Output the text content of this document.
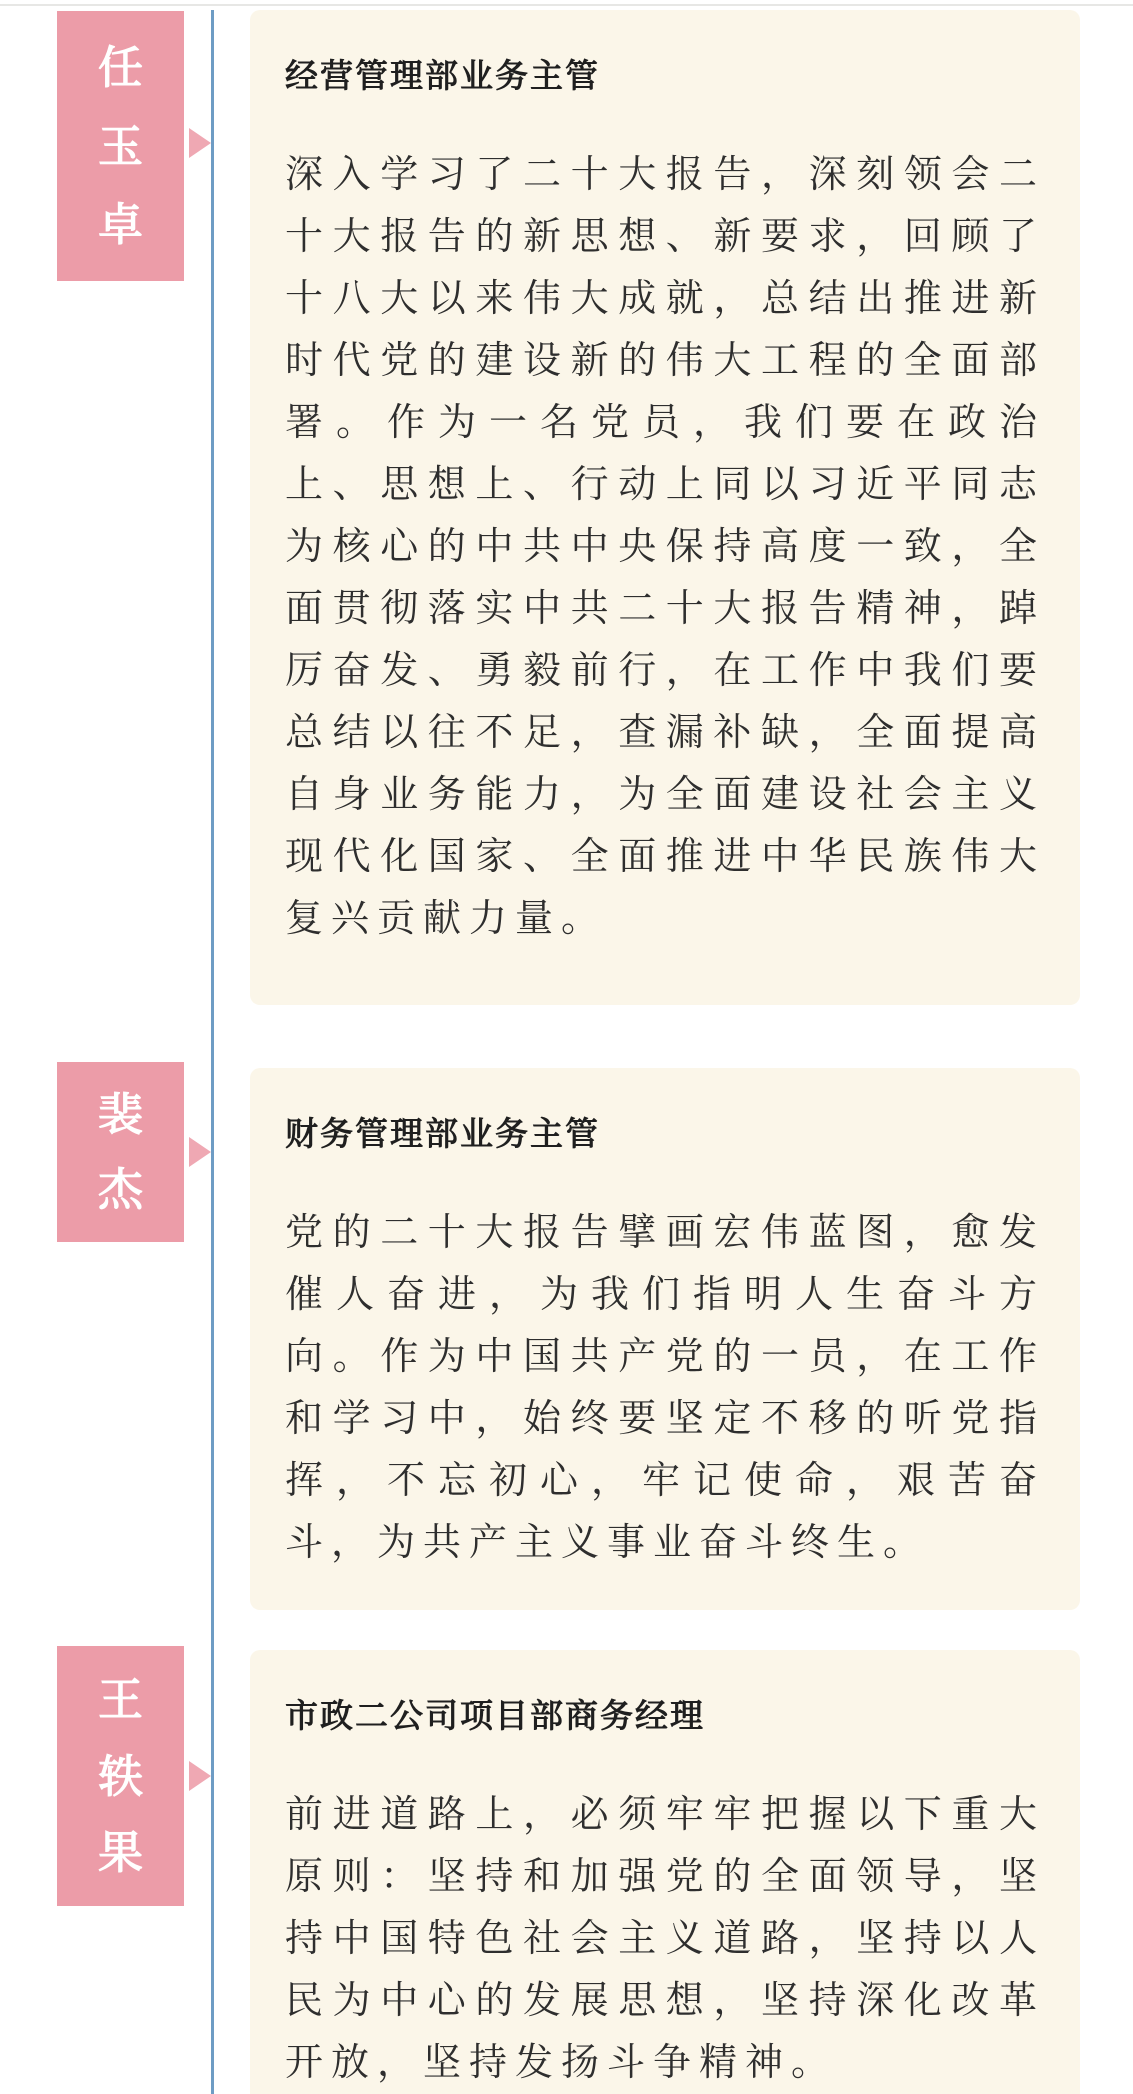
任
玉
卓

经营管理部业务主管

深入学习了二十大报告，深刻领会二十大报告的新思想、新要求，回顾了十八大以来伟大成就，总结出推进新时代党的建设新的伟大工程的全面部署。作为一名党员，我们要在政治上、思想上、行动上同以习近平同志为核心的中共中央保持高度一致，全面贯彻落实中共二十大报告精神，踔厉奋发、勇毅前行，在工作中我们要总结以往不足，查漏补缺，全面提高自身业务能力，为全面建设社会主义现代化国家、全面推进中华民族伟大复兴贡献力量。

裴
杰

财务管理部业务主管

党的二十大报告擘画宏伟蓝图，愈发催人奋进，为我们指明人生奋斗方向。作为中国共产党的一员，在工作和学习中，始终要坚定不移的听党指挥，不忘初心，牢记使命，艰苦奋斗，为共产主义事业奋斗终生。

王
轶
果

市政二公司项目部商务经理

前进道路上，必须牢牢把握以下重大原则：坚持和加强党的全面领导，坚持中国特色社会主义道路，坚持以人民为中心的发展思想，坚持深化改革开放，坚持发扬斗争精神。
